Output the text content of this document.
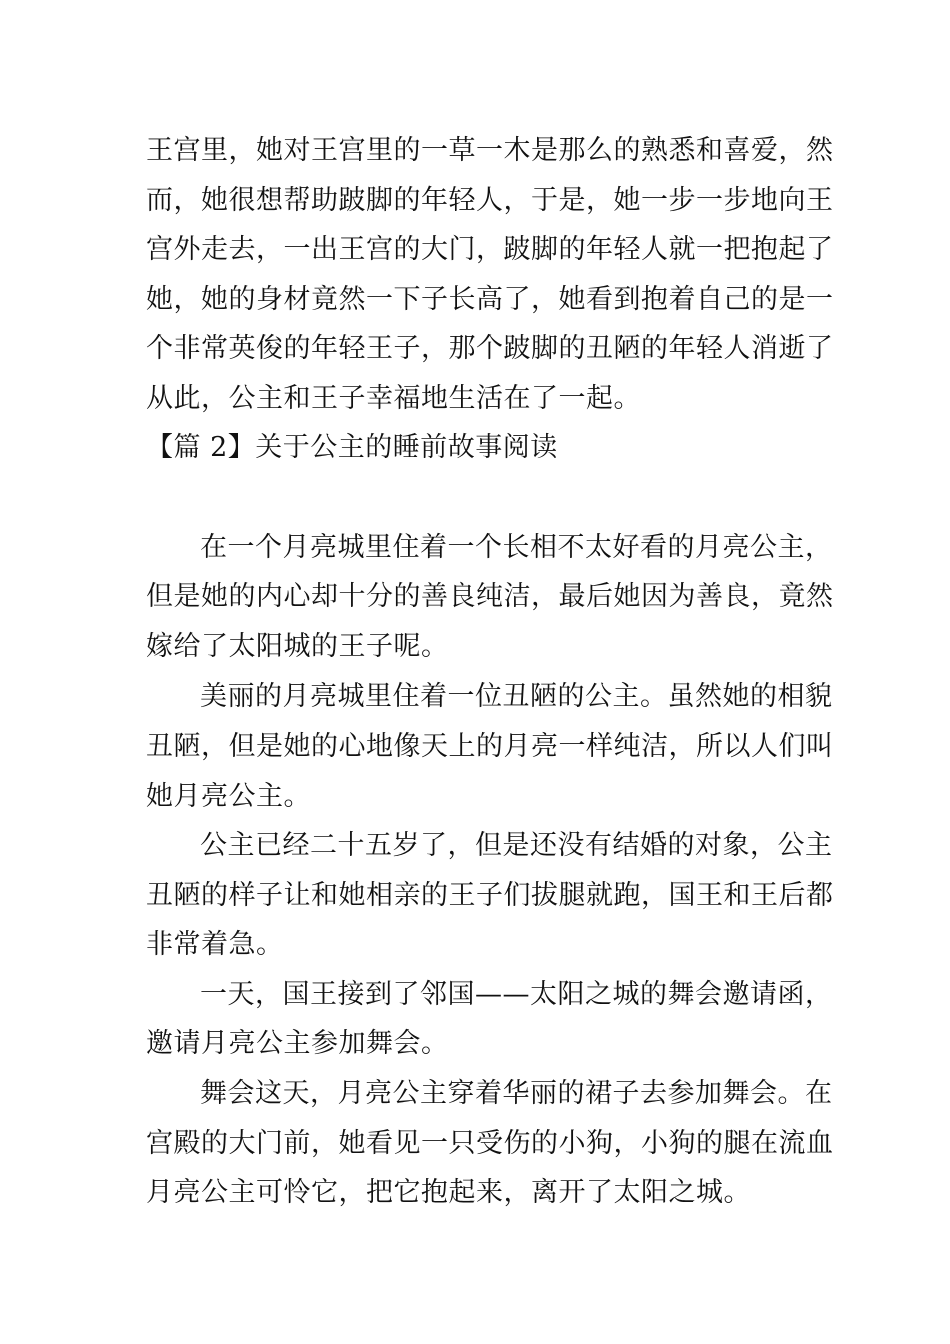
王宫里，她对王宫里的一草一木是那么的熟悉和喜爱，然

而，她很想帮助跛脚的年轻人，于是，她一步一步地向王

宫外走去，一出王宫的大门，跛脚的年轻人就一把抱起了

她，她的身材竟然一下子长高了，她看到抱着自己的是一

个非常英俊的年轻王子，那个跛脚的丑陋的年轻人消逝了

从此，公主和王子幸福地生活在了一起。

【篇 2】关于公主的睡前故事阅读

在一个月亮城里住着一个长相不太好看的月亮公主，

但是她的内心却十分的善良纯洁，最后她因为善良，竟然

嫁给了太阳城的王子呢。

美丽的月亮城里住着一位丑陋的公主。虽然她的相貌

丑陋，但是她的心地像天上的月亮一样纯洁，所以人们叫

她月亮公主。

公主已经二十五岁了，但是还没有结婚的对象，公主

丑陋的样子让和她相亲的王子们拔腿就跑，国王和王后都

非常着急。

一天，国王接到了邻国——太阳之城的舞会邀请函，

邀请月亮公主参加舞会。

舞会这天，月亮公主穿着华丽的裙子去参加舞会。在

宫殿的大门前，她看见一只受伤的小狗，小狗的腿在流血

月亮公主可怜它，把它抱起来，离开了太阳之城。
